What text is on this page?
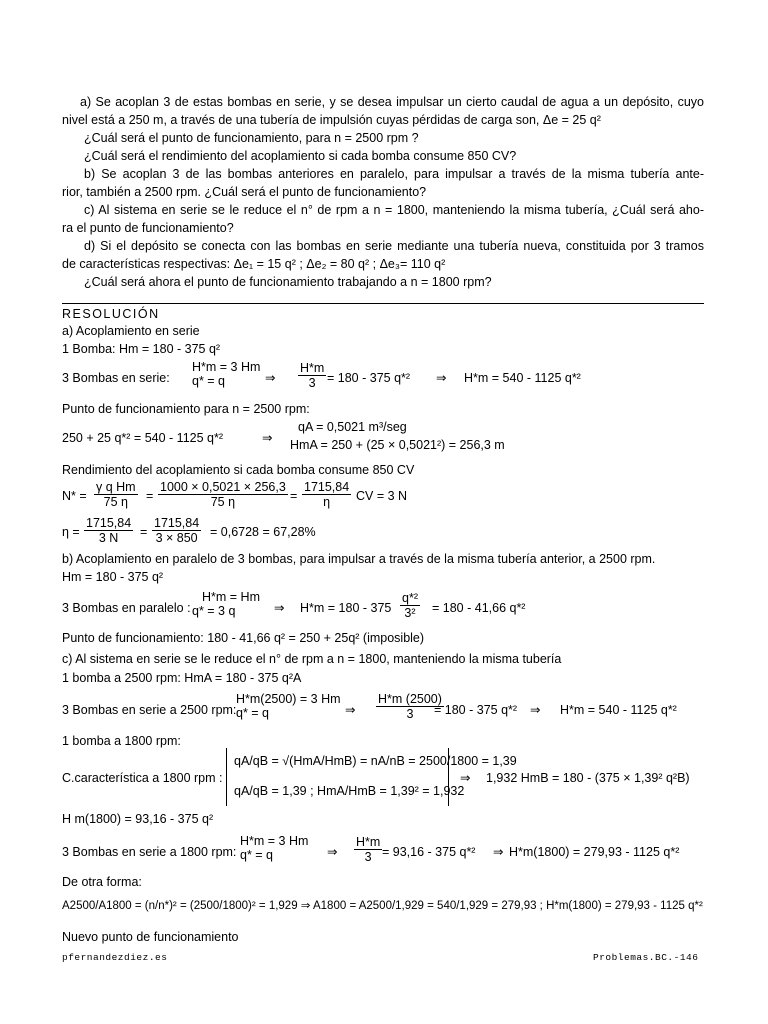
a) Se acoplan 3 de estas bombas en serie, y se desea impulsar un cierto caudal de agua a un depósito, cuyo
nivel está a 250 m, a través de una tubería de impulsión cuyas pérdidas de carga son, Δe = 25 q²
¿Cuál será el punto de funcionamiento, para n = 2500 rpm ?
¿Cuál será el rendimiento del acoplamiento si cada bomba consume 850 CV?
b) Se acoplan 3 de las bombas anteriores en paralelo, para impulsar a través de la misma tubería ante-
rior, también a 2500 rpm. ¿Cuál será el punto de funcionamiento?
c) Al sistema en serie se le reduce el n° de rpm a n = 1800, manteniendo la misma tubería, ¿Cuál será aho-
ra el punto de funcionamiento?
d) Si el depósito se conecta con las bombas en serie mediante una tubería nueva, constituida por 3 tramos
de características respectivas: Δe₁ = 15 q² ; Δe₂ = 80 q² ; Δe₃= 110 q²
¿Cuál será ahora el punto de funcionamiento trabajando a n = 1800 rpm?
RESOLUCIÓN
a) Acoplamiento en serie
1 Bomba: Hm = 180 - 375 q²
3 Bombas en serie:
H*m = 3 Hm
q* = q	⇒ $\frac{H*m}{3} = 180 - 375$ q*² ⇒ H*m = 540 - 1125 q*²
Punto de funcionamiento para n = 2500 rpm:
250 + 25 q*² = 540 - 1125 q*²	⇒
qA = 0,5021 m³/seg
HmA = 250 + (25 × 0,5021²) = 256,3 m
Rendimiento del acoplamiento si cada bomba consume 850 CV
$N* = \frac{\text{γ q Hm}}{75 \eta} = \frac{1000 \times 0,5021 \times 256,3}{75 \eta} = \frac{1715,84}{\eta}$ CV = 3 N
$\eta = \frac{1715,84}{3 N} = \frac{1715,84}{3 \times 850} = 0,6728 = 67,28\%$
b) Acoplamiento en paralelo de 3 bombas, para impulsar a través de la misma tubería anterior, a 2500 rpm.
Hm = 180 - 375 q²
3 Bombas en paralelo :
H*m = Hm
q* = 3 q	⇒ $H*m = 180 - 375 \frac{\text{q*²}}{\text{3²}} = 180 - 41,66$ q*²
Punto de funcionamiento: 180 - 41,66 q² = 250 + 25q² (imposible)
c) Al sistema en serie se le reduce el n° de rpm a n = 1800, manteniendo la misma tubería
1 bomba a 2500 rpm: HmA = 180 - 375 q²A
3 Bombas en serie a 2500 rpm:
H*m(2500) = 3 Hm
q* = q	⇒ $\frac{H*m (2500)}{3}$
= 180 - 375 q*² ⇒ H*m = 540 - 1125 q*²
1 bomba a 1800 rpm:
C.característica a 1800 rpm :
qA/qB = √(HmA/HmB) = nA/nB = 2500/1800 = 1,39
qA/qB = 1,39 ; HmA/HmB = 1,39² = 1,932
⇒ 1,932 HmB = 180 - (375 × 1,39² q²B)
H m(1800) = 93,16 - 375 q²
3 Bombas en serie a 1800 rpm:
H*m = 3 Hm
q* = q	⇒ $\frac{H*m}{3} = 93,16 - 375$ q*² ⇒ H*m(1800) = 279,93 - 1125 q*²
De otra forma:
A2500/A1800 = (n/n*)² = (2500/1800)² = 1,929 ⇒ A1800 = A2500/1,929 = 540/1,929 = 279,93 ; H*m(1800) = 279,93 - 1125 q*²
Nuevo punto de funcionamiento
pfernandezdiez.es	Problemas.BC.-146
